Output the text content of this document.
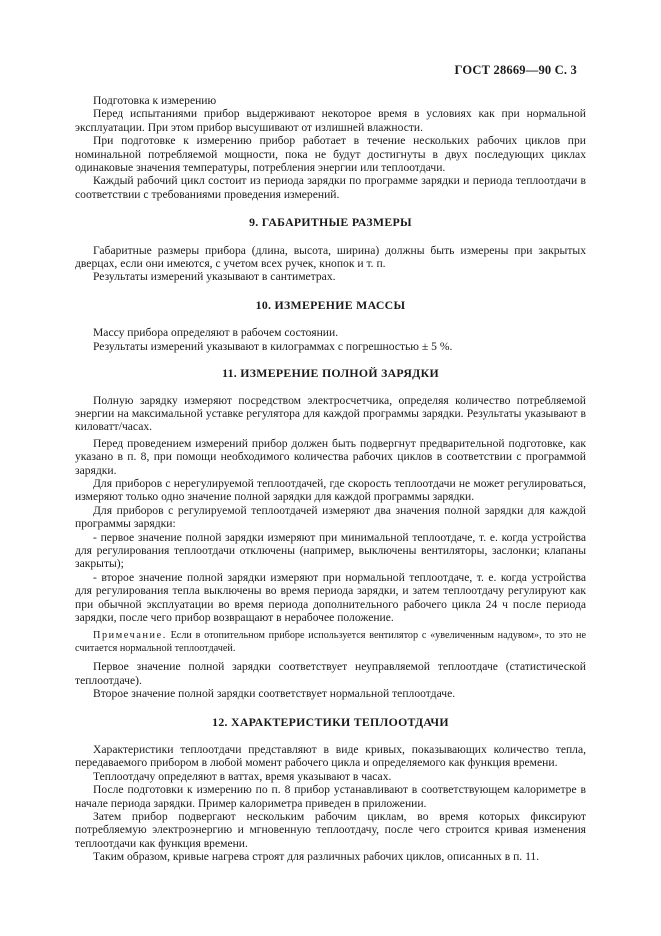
ГОСТ 28669—90 С. 3

Подготовка к измерению

Перед испытаниями прибор выдерживают некоторое время в условиях как при нормальной эксплуатации. При этом прибор высушивают от излишней влажности.

При подготовке к измерению прибор работает в течение нескольких рабочих циклов при номинальной потребляемой мощности, пока не будут достигнуты в двух последующих циклах одинаковые значения температуры, потребления энергии или теплоотдачи.

Каждый рабочий цикл состоит из периода зарядки по программе зарядки и периода теплоотдачи в соответствии с требованиями проведения измерений.

9. ГАБАРИТНЫЕ РАЗМЕРЫ

Габаритные размеры прибора (длина, высота, ширина) должны быть измерены при закрытых дверцах, если они имеются, с учетом всех ручек, кнопок и т. п.

Результаты измерений указывают в сантиметрах.

10. ИЗМЕРЕНИЕ МАССЫ

Массу прибора определяют в рабочем состоянии.

Результаты измерений указывают в килограммах с погрешностью ± 5 %.

11. ИЗМЕРЕНИЕ ПОЛНОЙ ЗАРЯДКИ

Полную зарядку измеряют посредством электросчетчика, определяя количество потребляемой энергии на максимальной уставке регулятора для каждой программы зарядки. Результаты указывают в киловатт/часах.

Перед проведением измерений прибор должен быть подвергнут предварительной подготовке, как указано в п. 8, при помощи необходимого количества рабочих циклов в соответствии с программой зарядки.

Для приборов с нерегулируемой теплоотдачей, где скорость теплоотдачи не может регулироваться, измеряют только одно значение полной зарядки для каждой программы зарядки.

Для приборов с регулируемой теплоотдачей измеряют два значения полной зарядки для каждой программы зарядки:

- первое значение полной зарядки измеряют при минимальной теплоотдаче, т. е. когда устройства для регулирования теплоотдачи отключены (например, выключены вентиляторы, заслонки; клапаны закрыты);

- второе значение полной зарядки измеряют при нормальной теплоотдаче, т. е. когда устройства для регулирования тепла выключены во время периода зарядки, и затем теплоотдачу регулируют как при обычной эксплуатации во время периода дополнительного рабочего цикла 24 ч после периода зарядки, после чего прибор возвращают в нерабочее положение.

Примечание. Если в отопительном приборе используется вентилятор с «увеличенным надувом», то это не считается нормальной теплоотдачей.

Первое значение полной зарядки соответствует неуправляемой теплоотдаче (статистической теплоотдаче).

Второе значение полной зарядки соответствует нормальной теплоотдаче.

12. ХАРАКТЕРИСТИКИ ТЕПЛООТДАЧИ

Характеристики теплоотдачи представляют в виде кривых, показывающих количество тепла, передаваемого прибором в любой момент рабочего цикла и определяемого как функция времени.

Теплоотдачу определяют в ваттах, время указывают в часах.

После подготовки к измерению по п. 8 прибор устанавливают в соответствующем калориметре в начале периода зарядки. Пример калориметра приведен в приложении.

Затем прибор подвергают нескольким рабочим циклам, во время которых фиксируют потребляемую электроэнергию и мгновенную теплоотдачу, после чего строится кривая изменения теплоотдачи как функция времени.

Таким образом, кривые нагрева строят для различных рабочих циклов, описанных в п. 11.
